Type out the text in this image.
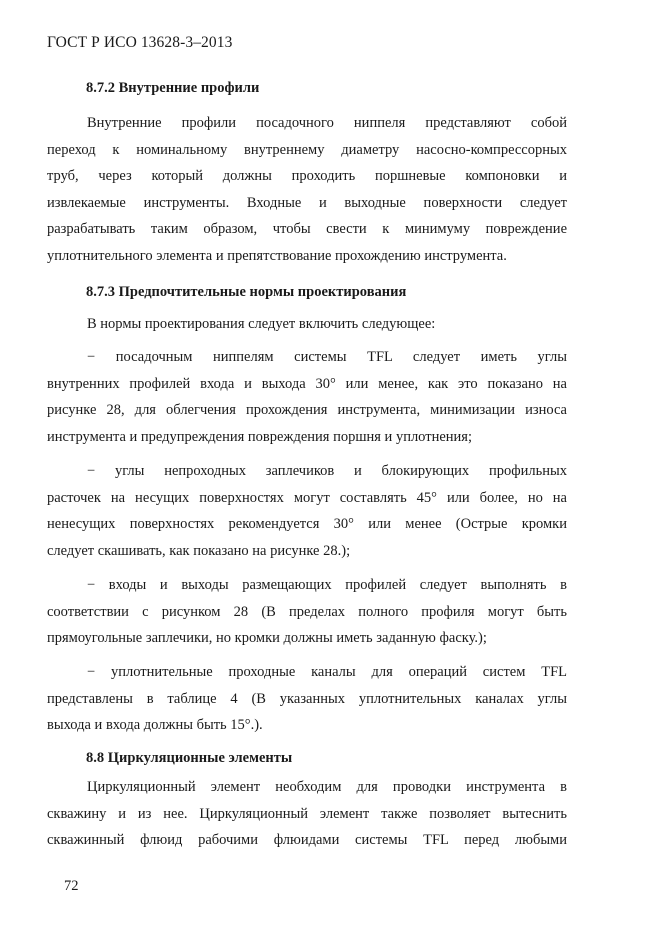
ГОСТ Р ИСО 13628-3–2013
8.7.2 Внутренние профили
Внутренние профили посадочного ниппеля представляют собой
переход к номинальному внутреннему диаметру насосно-компрессорных
труб, через который должны проходить поршневые компоновки и
извлекаемые инструменты. Входные и выходные поверхности следует
разрабатывать таким образом, чтобы свести к минимуму повреждение
уплотнительного элемента и препятствование прохождению инструмента.
8.7.3 Предпочтительные нормы проектирования
В нормы проектирования следует включить следующее:
− посадочным ниппелям системы TFL следует иметь углы
внутренних профилей входа и выхода 30° или менее, как это показано на
рисунке 28, для облегчения прохождения инструмента, минимизации износа
инструмента и предупреждения повреждения поршня и уплотнения;
− углы непроходных заплечиков и блокирующих профильных
расточек на несущих поверхностях могут составлять 45° или более, но на
ненесущих поверхностях рекомендуется 30° или менее (Острые кромки
следует скашивать, как показано на рисунке 28.);
− входы и выходы размещающих профилей следует выполнять в
соответствии с рисунком 28 (В пределах полного профиля могут быть
прямоугольные заплечики, но кромки должны иметь заданную фаску.);
− уплотнительные проходные каналы для операций систем TFL
представлены в таблице 4 (В указанных уплотнительных каналах углы
выхода и входа должны быть 15°.).
8.8 Циркуляционные элементы
Циркуляционный элемент необходим для проводки инструмента в
скважину и из нее. Циркуляционный элемент также позволяет вытеснить
скважинный флюид рабочими флюидами системы TFL перед любыми
72
